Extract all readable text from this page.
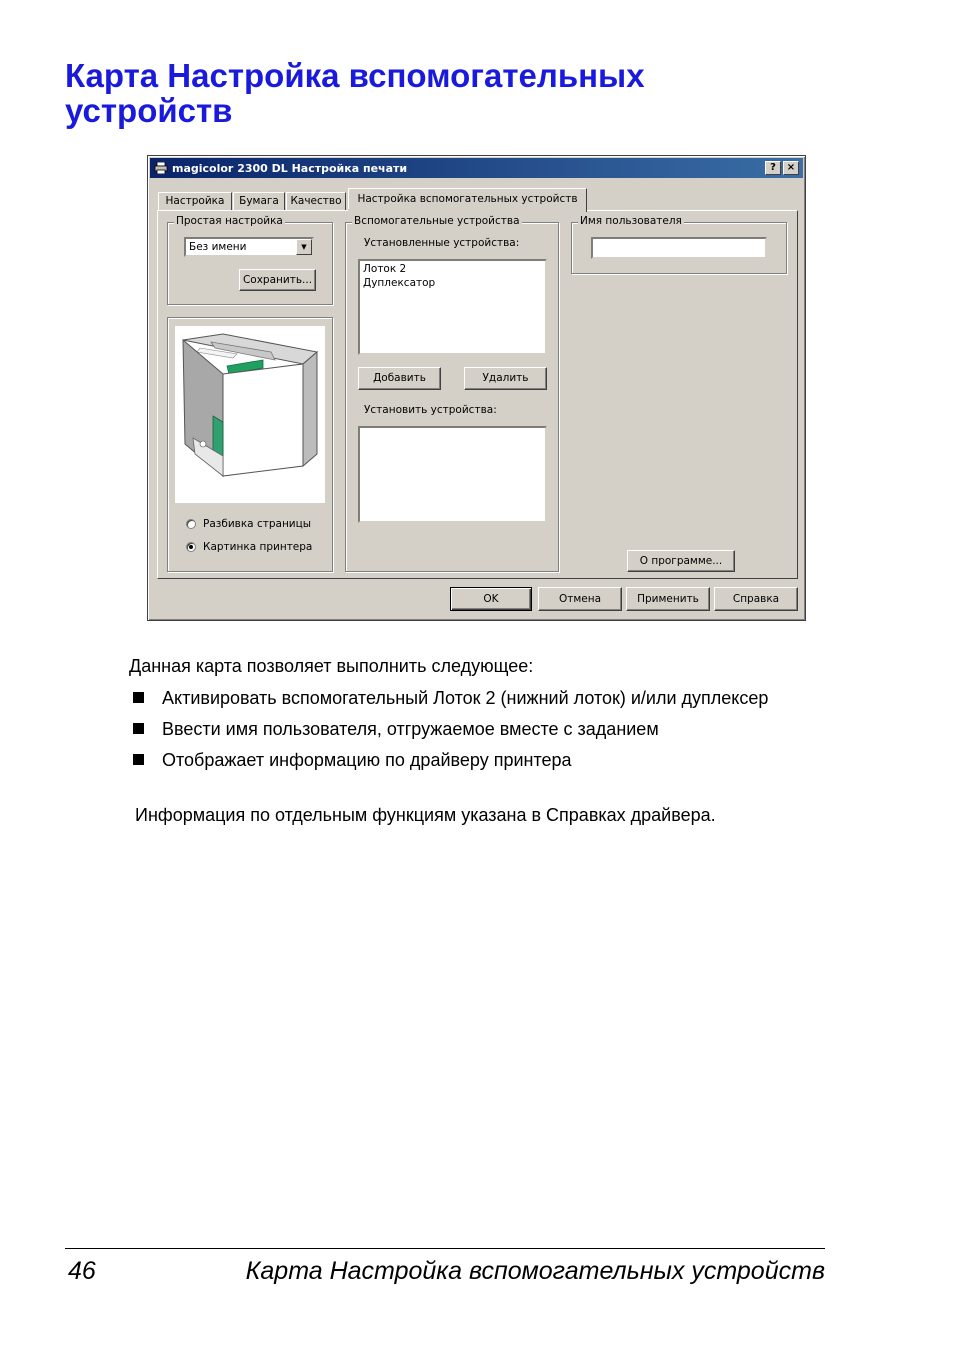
Карта Настройка вспомогательных
устройств
magicolor 2300 DL Настройка печати	?	×
Настройка	Бумага	Качество	Настройка вспомогательных устройств
Простая настройка
Без имени	▼
Сохранить...
Разбивка страницы
Картинка принтера
Вспомогательные устройства
Установленные устройства:
Лоток 2
Дуплексатор
Добавить	Удалить
Установить устройства:
Имя пользователя
О программе...
OK	Отмена	Применить	Справка

Данная карта позволяет выполнить следующее:

Активировать вспомогательный Лоток 2 (нижний лоток) и/или дуплексер
Ввести имя пользователя, отгружаемое вместе с заданием
Отображает информацию по драйверу принтера

Информация по отдельным функциям указана в Справках драйвера.

46	Карта Настройка вспомогательных устройств
